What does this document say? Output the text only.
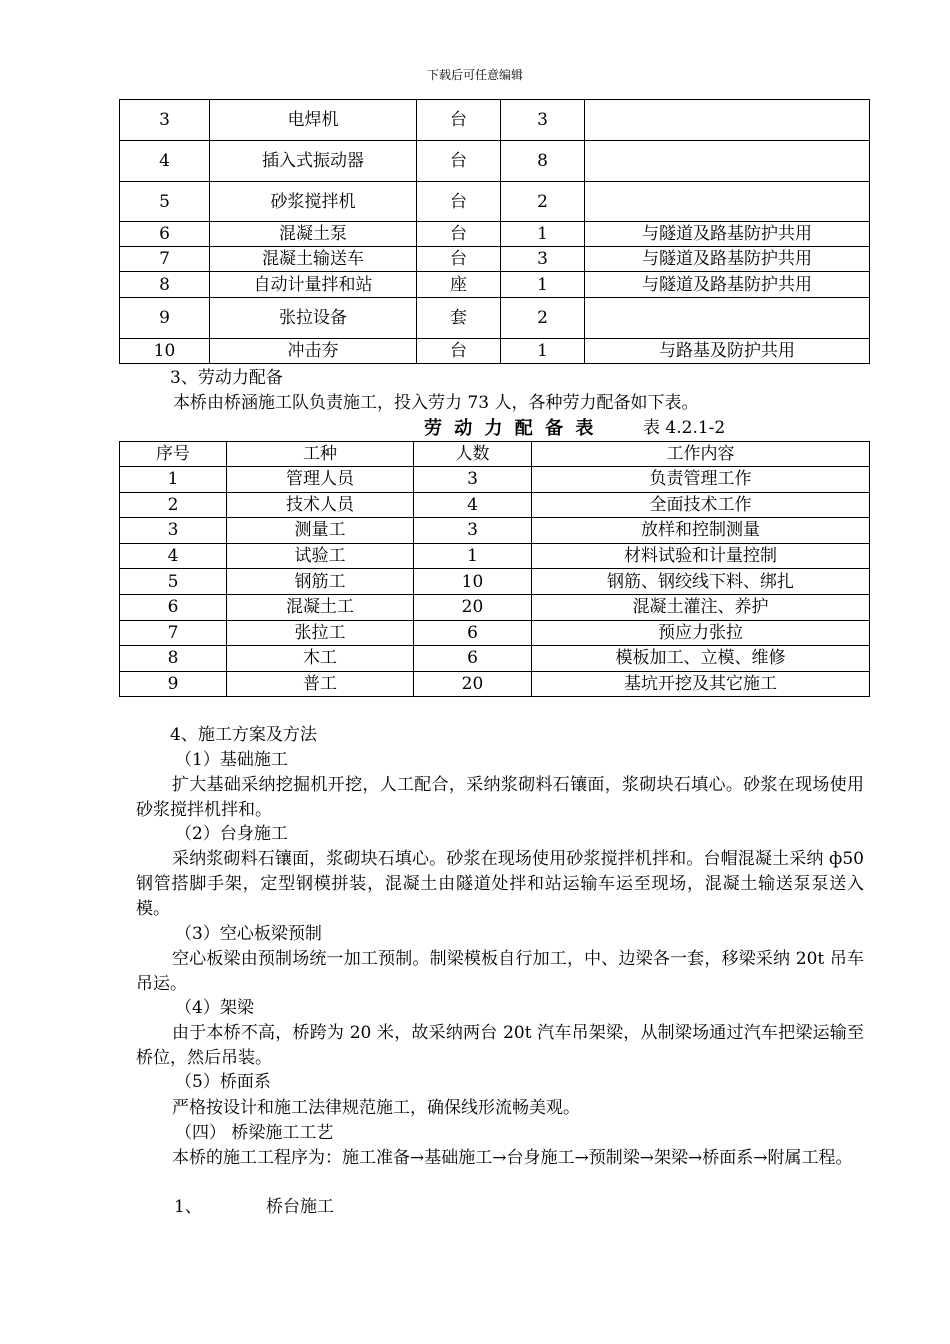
下载后可任意编辑
3	电焊机	台	3	
4	插入式振动器	台	8	
5	砂浆搅拌机	台	2	
6	混凝土泵	台	1	与隧道及路基防护共用
7	混凝土输送车	台	3	与隧道及路基防护共用
8	自动计量拌和站	座	1	与隧道及路基防护共用
9	张拉设备	套	2	
10	冲击夯	台	1	与路基及防护共用
3、劳动力配备
本桥由桥涵施工队负责施工，投入劳力 73 人，各种劳力配备如下表。
劳 动 力 配 备 表	表 4.2.1-2
序号	工种	人数	工作内容
1	管理人员	3	负责管理工作
2	技术人员	4	全面技术工作
3	测量工	3	放样和控制测量
4	试验工	1	材料试验和计量控制
5	钢筋工	10	钢筋、钢绞线下料、绑扎
6	混凝土工	20	混凝土灌注、养护
7	张拉工	6	预应力张拉
8	木工	6	模板加工、立模、维修
9	普工	20	基坑开挖及其它施工
4、施工方案及方法
（1）基础施工
扩大基础采纳挖掘机开挖，人工配合，采纳浆砌料石镶面，浆砌块石填心。砂浆在现场使用砂浆搅拌机拌和。
（2）台身施工
采纳浆砌料石镶面，浆砌块石填心。砂浆在现场使用砂浆搅拌机拌和。台帽混凝土采纳 ф50 钢管搭脚手架，定型钢模拼装，混凝土由隧道处拌和站运输车运至现场，混凝土输送泵泵送入模。
（3）空心板梁预制
空心板梁由预制场统一加工预制。制梁模板自行加工，中、边梁各一套，移梁采纳 20t 吊车吊运。
（4）架梁
由于本桥不高，桥跨为 20 米，故采纳两台 20t 汽车吊架梁，从制梁场通过汽车把梁运输至桥位，然后吊装。
（5）桥面系
严格按设计和施工法律规范施工，确保线形流畅美观。
（四） 桥梁施工工艺
本桥的施工工程序为：施工准备→基础施工→台身施工→预制梁→架梁→桥面系→附属工程。
1、	桥台施工
